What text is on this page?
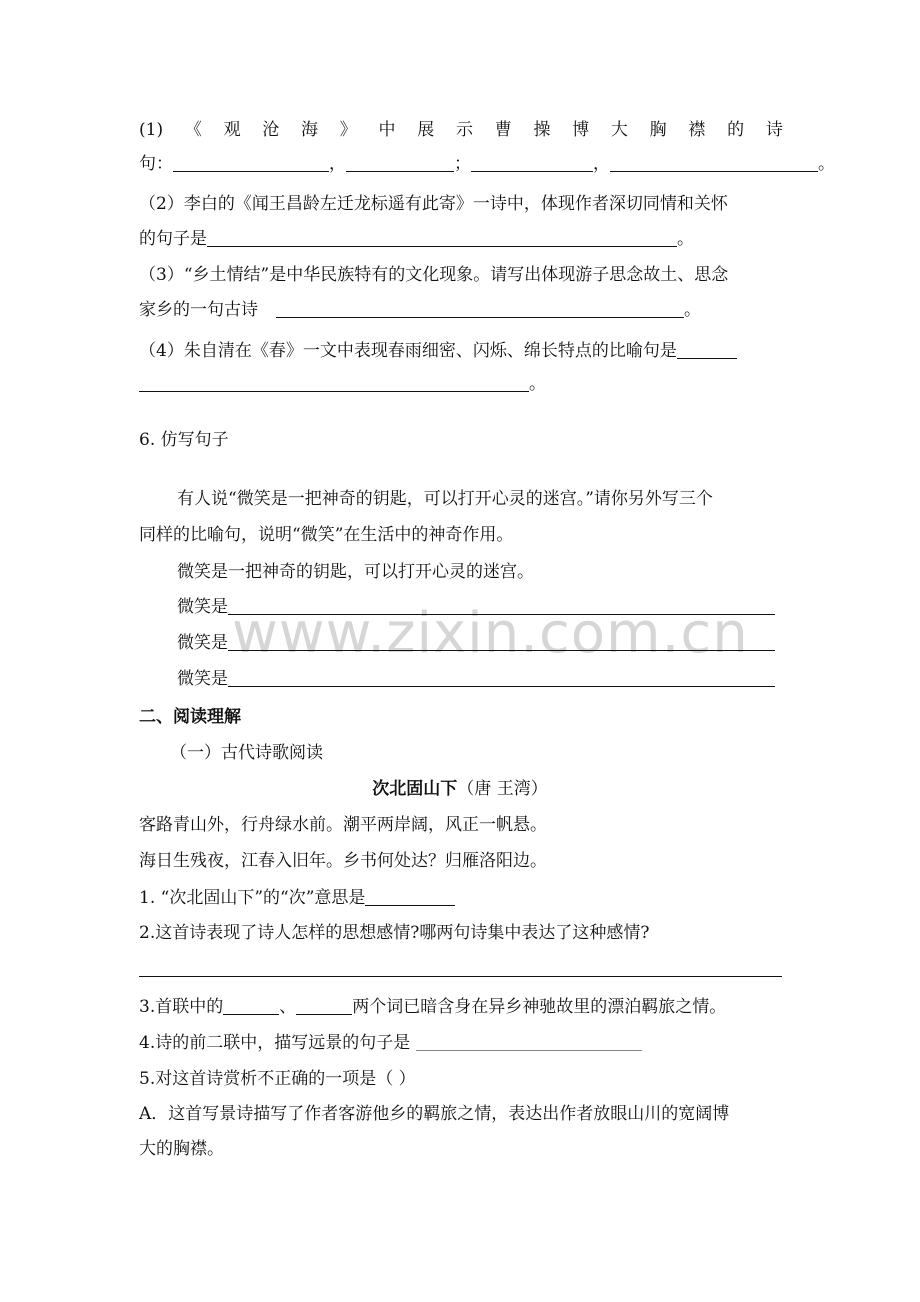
www.zixin.com.cn
(1) 《 观 沧 海 》 中 展 示 曹 操 博 大 胸 襟 的 诗
句：	，	；	，	。
（2）李白的《闻王昌龄左迁龙标遥有此寄》一诗中，体现作者深切同情和关怀
的句子是	。
（3）“乡土情结”是中华民族特有的文化现象。请写出体现游子思念故土、思念
家乡的一句古诗	。
（4）朱自清在《春》一文中表现春雨细密、闪烁、绵长特点的比喻句是
。
6. 仿写句子
有人说“微笑是一把神奇的钥匙，可以打开心灵的迷宫。”请你另外写三个
同样的比喻句，说明“微笑”在生活中的神奇作用。
微笑是一把神奇的钥匙，可以打开心灵的迷宫。
微笑是
微笑是
微笑是
二、阅读理解
（一）古代诗歌阅读
次北固山下（唐 王湾）
客路青山外，行舟绿水前。潮平两岸阔，风正一帆悬。
海日生残夜，江春入旧年。乡书何处达？归雁洛阳边。
1. “次北固山下”的“次”意思是
2.这首诗表现了诗人怎样的思想感情?哪两句诗集中表达了这种感情?
3.首联中的	、	两个词已暗含身在异乡神驰故里的漂泊羁旅之情。
4.诗的前二联中，描写远景的句子是
5.对这首诗赏析不正确的一项是（ ）
A．这首写景诗描写了作者客游他乡的羁旅之情，表达出作者放眼山川的宽阔博
大的胸襟。
